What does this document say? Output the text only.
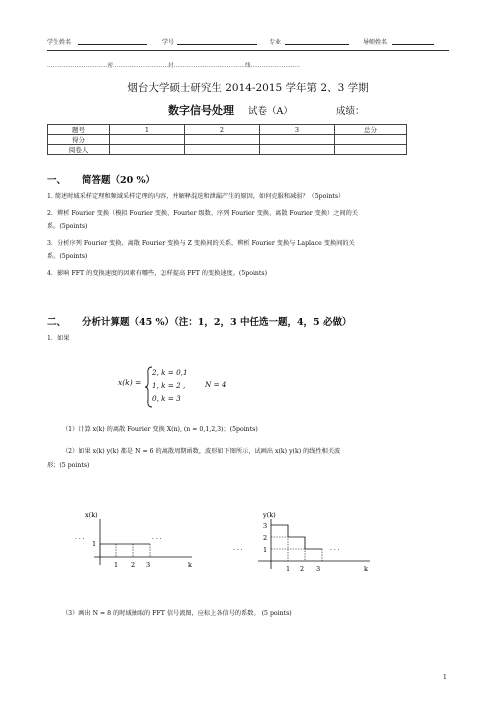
学生姓名	学号	专业	导师姓名
……………………………密…………………………封…………………………………线………………………
烟台大学硕士研究生 2014-2015 学年第 2、3 学期
数字信号处理 试卷（A）	成绩：
题号	1	2	3	总分
得分				
阅卷人				
一、 简答题（20 %）
1. 简述时域采样定理和频域采样定理的内容，并解释混迭和泄漏产生的原因，如何克服和减弱？（5points）
2．辨析 Fourier 变换（模拟 Fourier 变换、Fourier 级数、序列 Fourier 变换、离散 Fourier 变换）之间的关
系。(5points)
3．分析序列 Fourier 变换、离散 Fourier 变换与 Z 变换间的关系，辨析 Fourier 变换与 Laplace 变换间的关
系。(5points)
4．影响 FFT 的变换速度的因素有哪些，怎样提高 FFT 的变换速度。(5points)
二、 分析计算题（45 %）（注：1，2，3 中任选一题，4，5 必做）
1．如果
x(k) =
2, k = 0,1
1, k = 2 ,
0, k = 3
N = 4
（1）计算 x(k) 的离散 Fourier 变换 X(n), (n = 0,1,2,3)；(5points)
（2）如果 x(k) y(k) 都是 N = 6 的离散周期函数，波形如下图所示，试画出 x(k) y(k) 的线性相关波
形；(5 points)
x(k)
· · ·
1
· · ·
1 2 3	k
y(k)
3
2
1
· · ·	· · ·
1 2 3	k
（3）画出 N = 8 的时域抽取的 FFT 信号流图，应标上各信号的系数。 (5 points)
1
